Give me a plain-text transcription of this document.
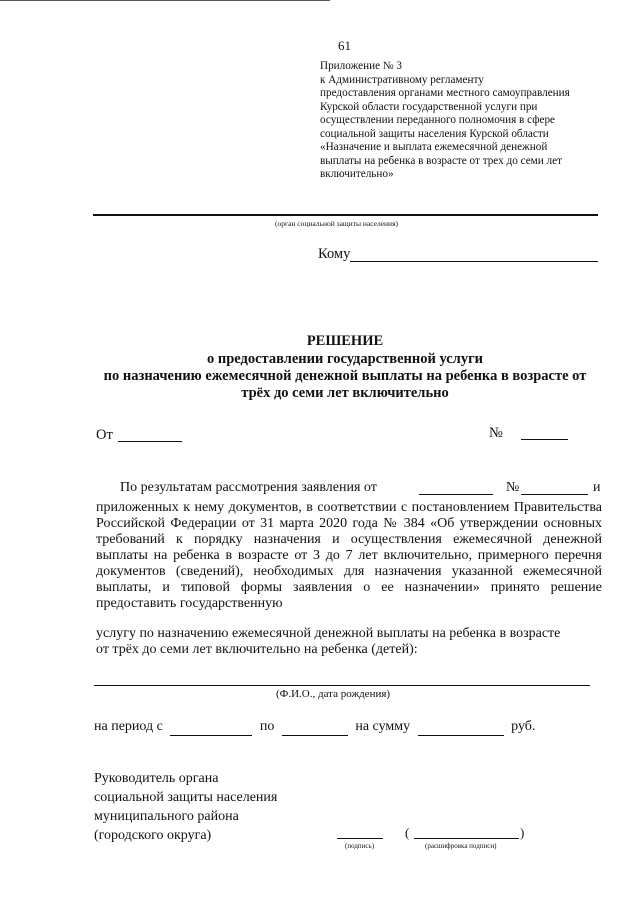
61
Приложение № 3
к Административному регламенту
предоставления органами местного самоуправления
Курской области государственной услуги при
осуществлении переданного полномочия в сфере
социальной защиты населения Курской области
«Назначение и выплата ежемесячной денежной
выплаты на ребенка в возрасте от трех до семи лет
включительно»
(орган социальной защиты населения)
Кому
РЕШЕНИЕ
о предоставлении государственной услуги
по назначению ежемесячной денежной выплаты на ребенка в возрасте от
трёх до семи лет включительно
От	№
По результатам рассмотрения заявления от	№	и
приложенных к нему документов, в соответствии с постановлением Правительства Российской Федерации от 31 марта 2020 года № 384 «Об утверждении основных требований к порядку назначения и осуществления ежемесячной денежной выплаты на ребенка в возрасте от 3 до 7 лет включительно, примерного перечня документов (сведений), необходимых для назначения указанной ежемесячной выплаты, и типовой формы заявления о ее назначении» принято решение предоставить государственную
услугу по назначению ежемесячной денежной выплаты на ребенка в возрасте
от трёх до семи лет включительно на ребенка (детей):
(Ф.И.О., дата рождения)
на период с	по	на сумму	руб.
Руководитель органа
социальной защиты населения
муниципального района
(городского округа)	(	)
(подпись)	(расшифровка подписи)
